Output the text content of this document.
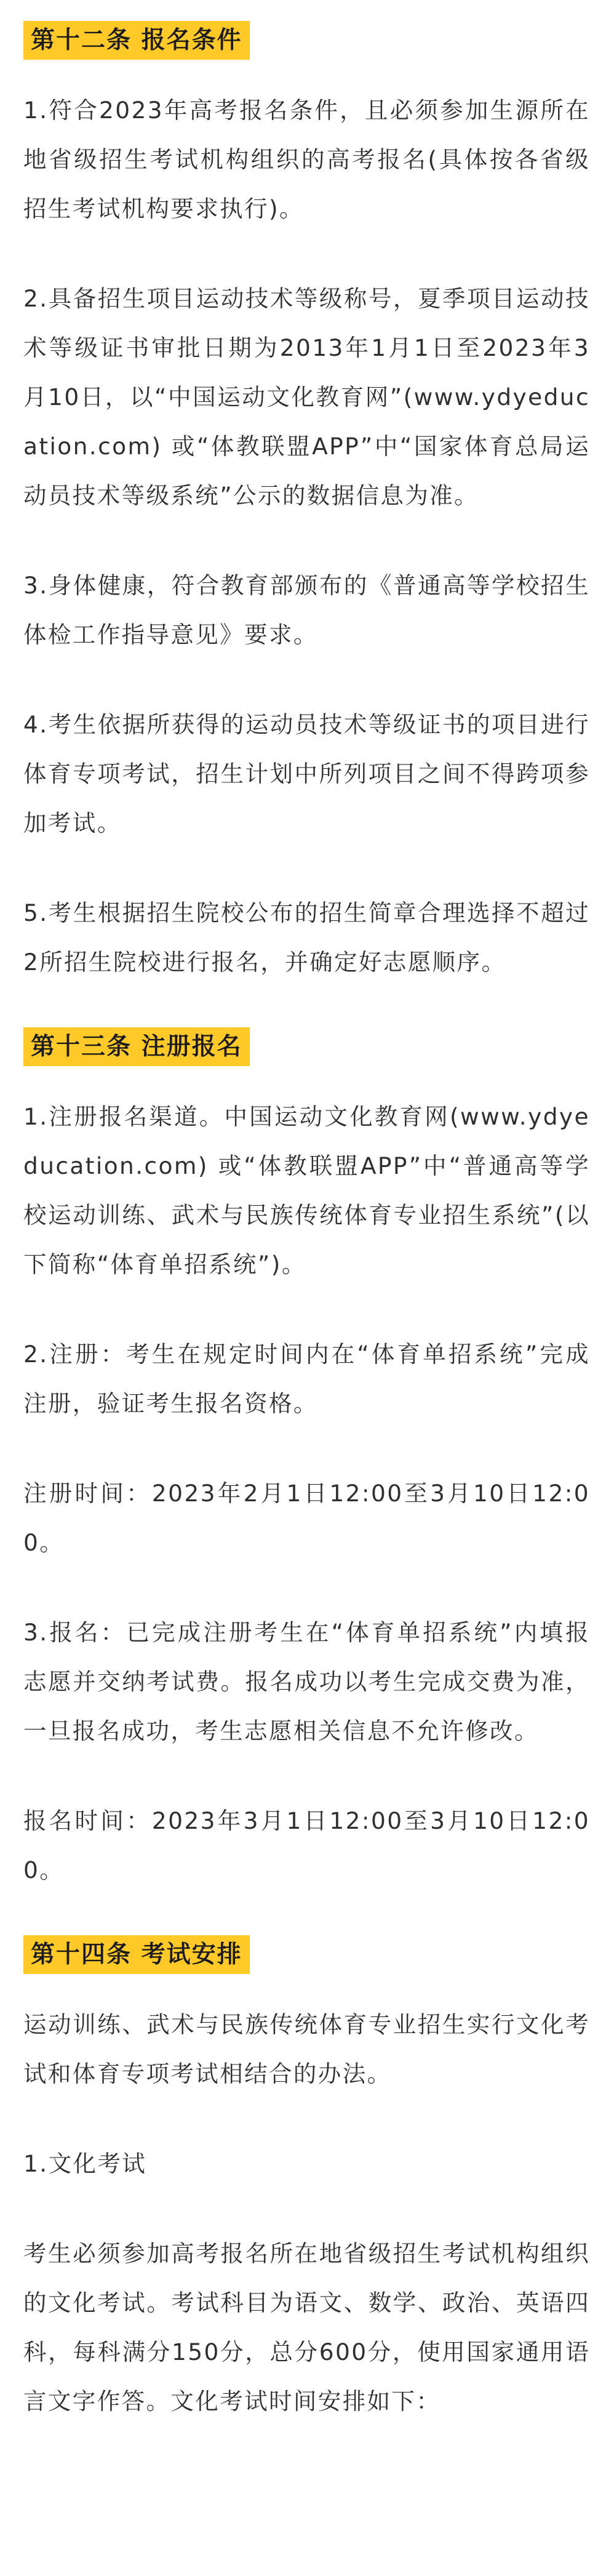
第十二条 报名条件

1.符合2023年高考报名条件，且必须参加生源所在地省级招生考试机构组织的高考报名(具体按各省级招生考试机构要求执行)。

2.具备招生项目运动技术等级称号，夏季项目运动技术等级证书审批日期为2013年1月1日至2023年3月10日，以“中国运动文化教育网”(www.ydyeducation.com) 或“体教联盟APP”中“国家体育总局运动员技术等级系统”公示的数据信息为准。

3.身体健康，符合教育部颁布的《普通高等学校招生体检工作指导意见》要求。

4.考生依据所获得的运动员技术等级证书的项目进行体育专项考试，招生计划中所列项目之间不得跨项参加考试。

5.考生根据招生院校公布的招生简章合理选择不超过2所招生院校进行报名，并确定好志愿顺序。

第十三条 注册报名

1.注册报名渠道。中国运动文化教育网(www.ydyeducation.com) 或“体教联盟APP”中“普通高等学校运动训练、武术与民族传统体育专业招生系统”(以下简称“体育单招系统”)。

2.注册：考生在规定时间内在“体育单招系统”完成注册，验证考生报名资格。

注册时间：2023年2月1日12:00至3月10日12:00。

3.报名：已完成注册考生在“体育单招系统”内填报志愿并交纳考试费。报名成功以考生完成交费为准，一旦报名成功，考生志愿相关信息不允许修改。

报名时间：2023年3月1日12:00至3月10日12:00。

第十四条 考试安排

运动训练、武术与民族传统体育专业招生实行文化考试和体育专项考试相结合的办法。

1.文化考试

考生必须参加高考报名所在地省级招生考试机构组织的文化考试。考试科目为语文、数学、政治、英语四科，每科满分150分，总分600分，使用国家通用语言文字作答。文化考试时间安排如下：
